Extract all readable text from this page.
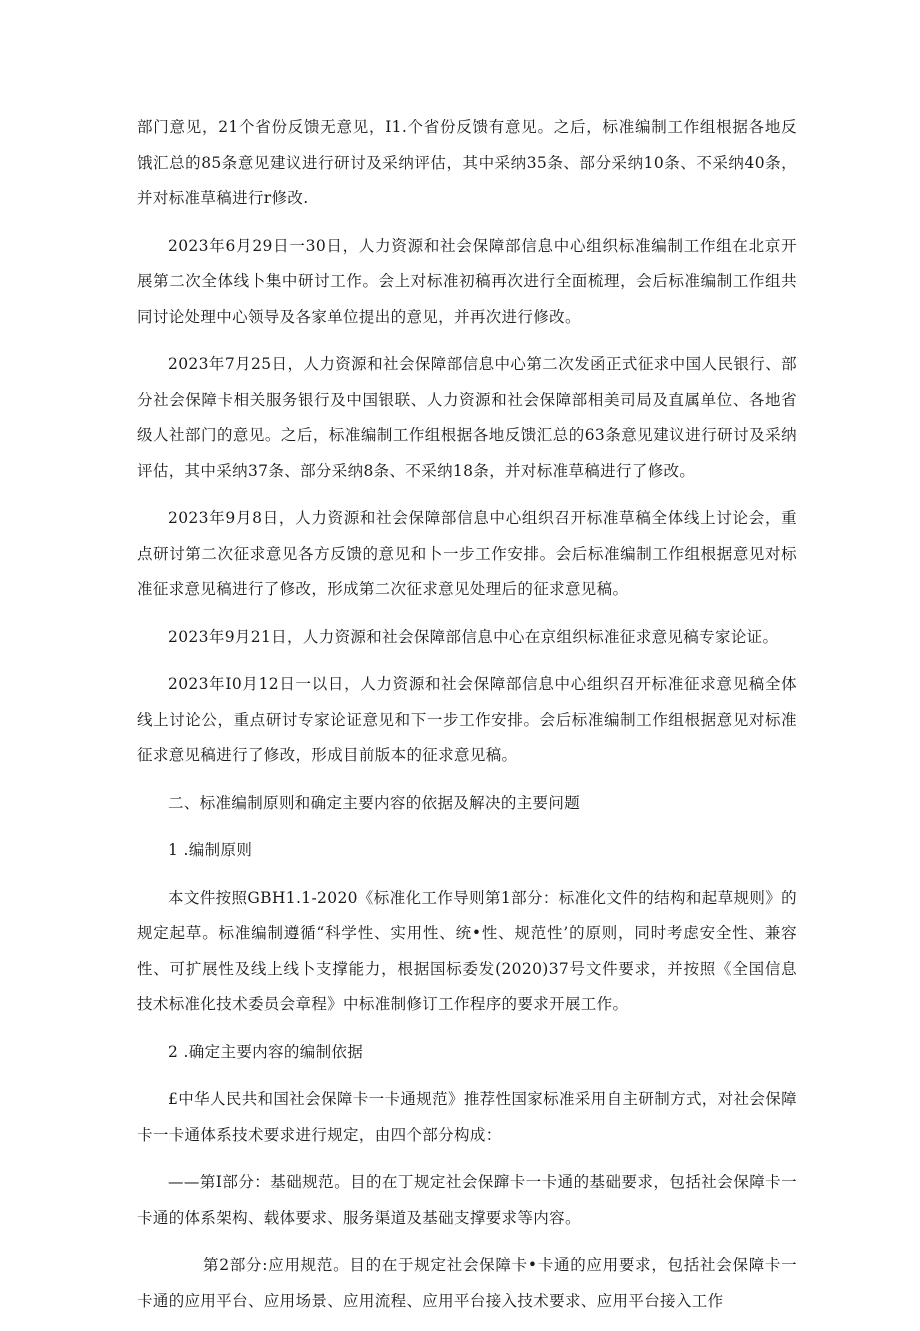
部门意见，21个省份反馈无意见，I1.个省份反馈有意见。之后，标准编制工作组根据各地反饿汇总的85条意见建议进行研讨及采纳评估，其中采纳35条、部分采纳10条、不采纳40条，并对标准草稿进行r修改.

2023年6月29日一30日，人力资源和社会保障部信息中心组织标准编制工作组在北京开展第二次全体线卜集中研讨工作。会上对标准初稿再次进行全面梳理，会后标准编制工作组共同讨论处理中心领导及各家单位提出的意见，并再次进行修改。

2023年7月25日，人力资源和社会保障部信息中心第二次发函正式征求中国人民银行、部分社会保障卡相关服务银行及中国银联、人力资源和社会保障部相美司局及直属单位、各地省级人社部门的意见。之后，标准编制工作组根据各地反馈汇总的63条意见建议进行研讨及采纳评估，其中采纳37条、部分采纳8条、不采纳18条，并对标准草稿进行了修改。

2023年9月8日，人力资源和社会保障部信息中心组织召开标准草稿全体线上讨论会，重点研讨第二次征求意见各方反馈的意见和卜一步工作安排。会后标准编制工作组根据意见对标准征求意见稿进行了修改，形成第二次征求意见处理后的征求意见稿。

2023年9月21日，人力资源和社会保障部信息中心在京组织标准征求意见稿专家论证。

2023年I0月12日一以日，人力资源和社会保障部信息中心组织召开标准征求意见稿全体线上讨论公，重点研讨专家论证意见和下一步工作安排。会后标准编制工作组根据意见对标准征求意见稿进行了修改，形成目前版本的征求意见稿。

二、标准编制原则和确定主要内容的依据及解决的主要问题

1 .编制原则

本文件按照GBH1.1-2020《标准化工作导则第1部分：标准化文件的结构和起草规则》的规定起草。标准编制遵循“科学性、实用性、统•性、规范性’的原则，同时考虑安全性、兼容性、可扩展性及线上线卜支撑能力，根据国标委发(2020)37号文件要求，并按照《全国信息技术标准化技术委员会章程》中标准制修订工作程序的要求开展工作。

2 .确定主要内容的编制依据

£中华人民共和国社会保障卡一卡通规范》推荐性国家标准采用自主研制方式，对社会保障卡一卡通体系技术要求进行规定，由四个部分构成：

——第I部分：基础规范。目的在丁规定社会保蹿卡一卡通的基础要求，包括社会保障卡一卡通的体系架构、载体要求、服务渠道及基础支撑要求等内容。

第2部分:应用规范。目的在于规定社会保障卡•卡通的应用要求，包括社会保障卡一卡通的应用平台、应用场景、应用流程、应用平台接入技术要求、应用平台接入工作
